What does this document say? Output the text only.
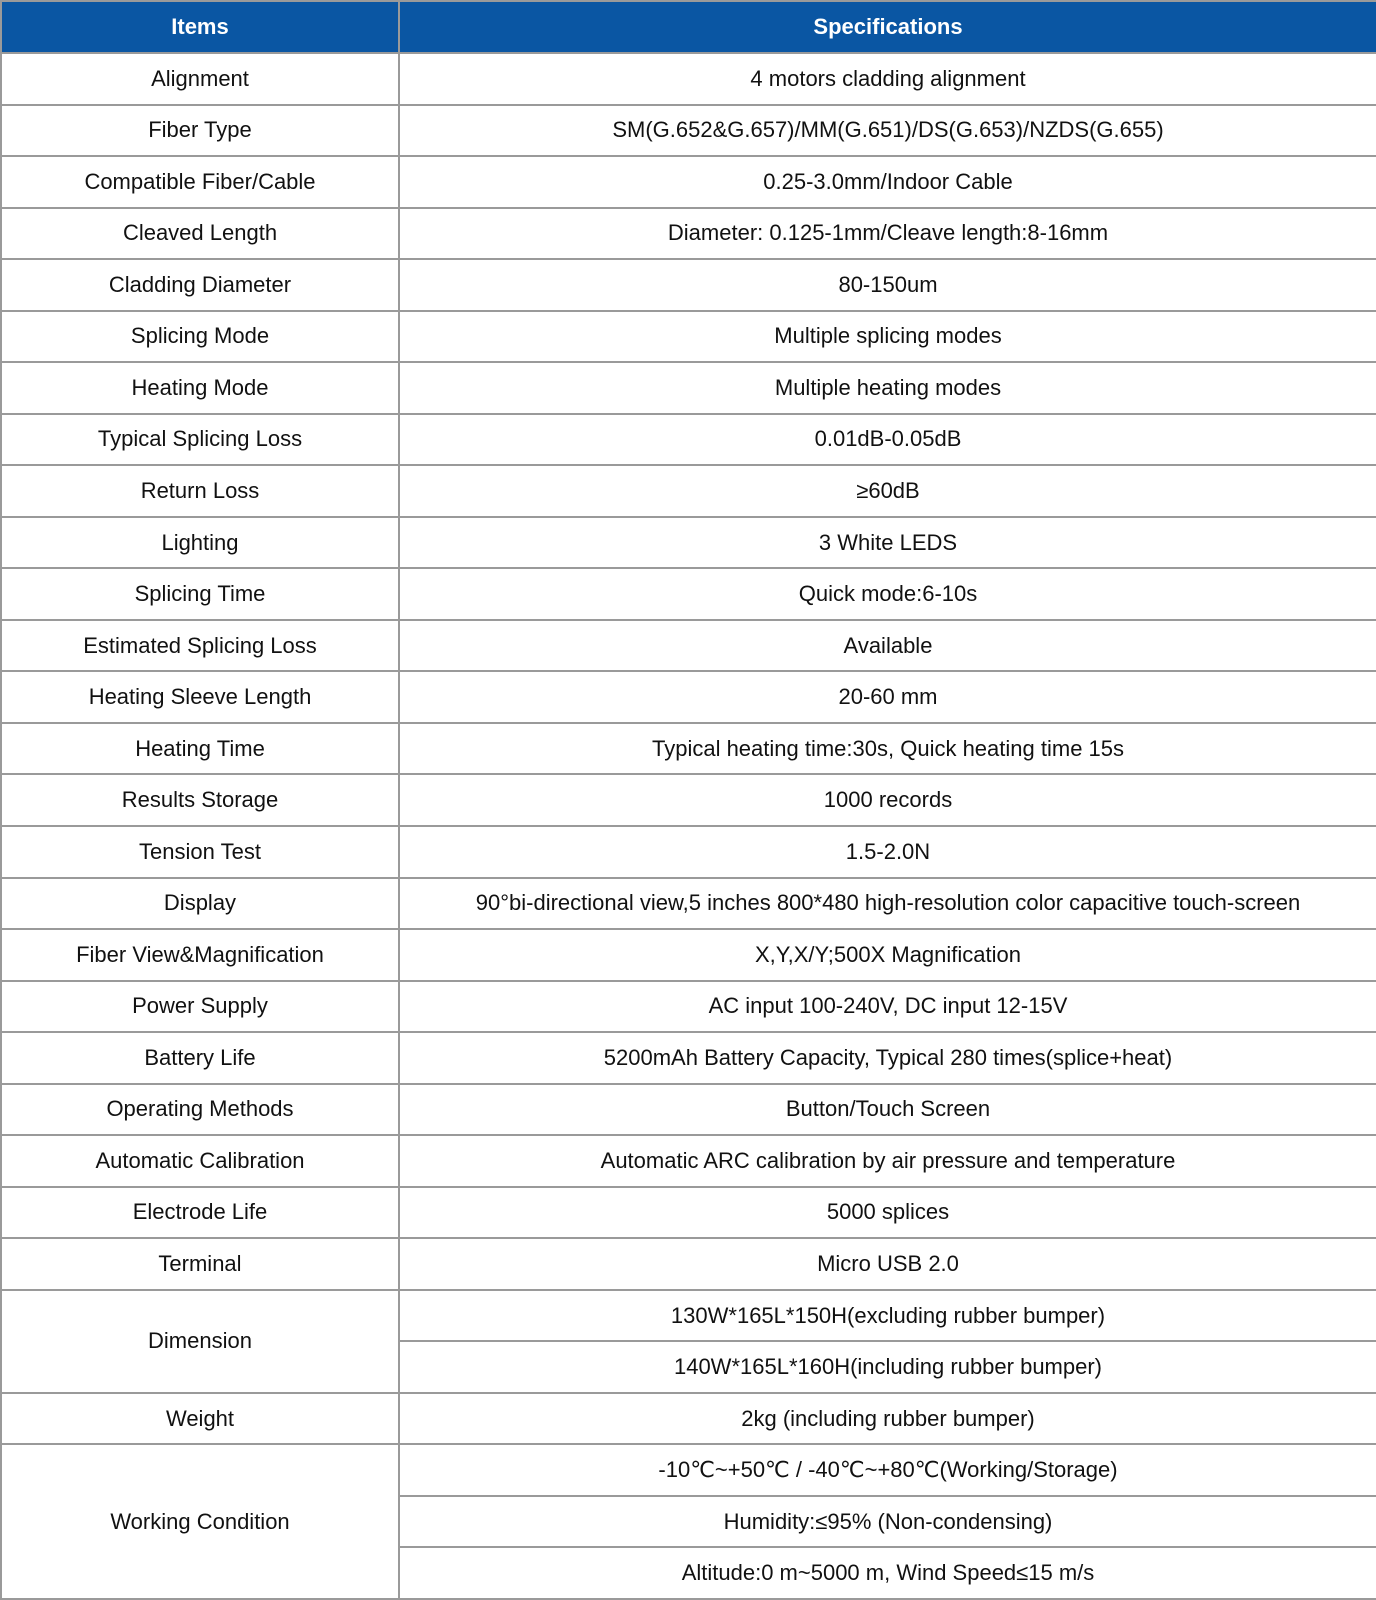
Items	Specifications
Alignment	4 motors cladding alignment
Fiber Type	SM(G.652&G.657)/MM(G.651)/DS(G.653)/NZDS(G.655)
Compatible Fiber/Cable	0.25-3.0mm/Indoor Cable
Cleaved Length	Diameter: 0.125-1mm/Cleave length:8-16mm
Cladding Diameter	80-150um
Splicing Mode	Multiple splicing modes
Heating Mode	Multiple heating modes
Typical Splicing Loss	0.01dB-0.05dB
Return Loss	≥60dB
Lighting	3 White LEDS
Splicing Time	Quick mode:6-10s
Estimated Splicing Loss	Available
Heating Sleeve Length	20-60 mm
Heating Time	Typical heating time:30s, Quick heating time 15s
Results Storage	1000 records
Tension Test	1.5-2.0N
Display	90°bi-directional view,5 inches 800*480 high-resolution color capacitive touch-screen
Fiber View&Magnification	X,Y,X/Y;500X Magnification
Power Supply	AC input 100-240V, DC input 12-15V
Battery Life	5200mAh Battery Capacity, Typical 280 times(splice+heat)
Operating Methods	Button/Touch Screen
Automatic Calibration	Automatic ARC calibration by air pressure and temperature
Electrode Life	5000 splices
Terminal	Micro USB 2.0
Dimension	130W*165L*150H(excluding rubber bumper)
	140W*165L*160H(including rubber bumper)
Weight	2kg (including rubber bumper)
Working Condition	-10℃~+50℃ / -40℃~+80℃(Working/Storage)
	Humidity:≤95% (Non-condensing)
	Altitude:0 m~5000 m, Wind Speed≤15 m/s
